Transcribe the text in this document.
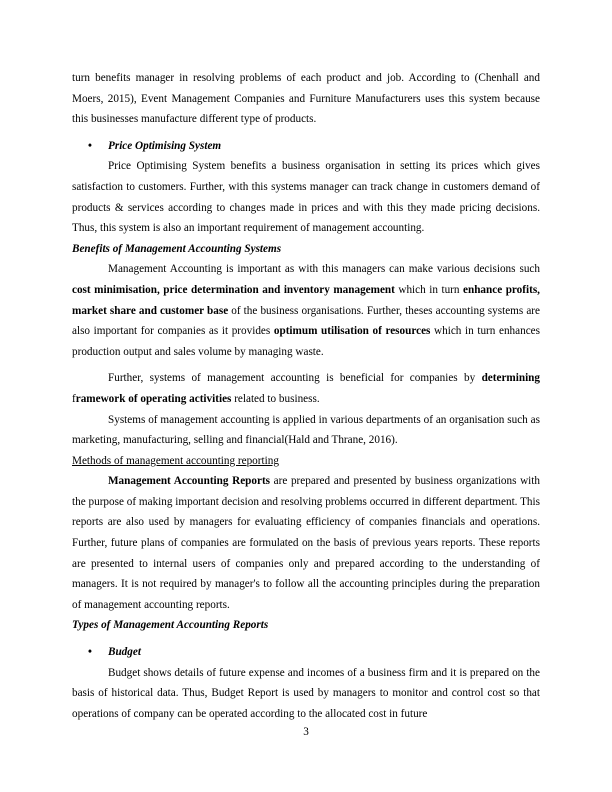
turn benefits manager in resolving problems of each product and job. According to (Chenhall and Moers, 2015), Event Management Companies and Furniture Manufacturers uses this system because this businesses manufacture different type of products.

• Price Optimising System

Price Optimising System benefits a business organisation in setting its prices which gives satisfaction to customers. Further, with this systems manager can track change in customers demand of products & services according to changes made in prices and with this they made pricing decisions. Thus, this system is also an important requirement of management accounting.

Benefits of Management Accounting Systems

Management Accounting is important as with this managers can make various decisions such cost minimisation, price determination and inventory management which in turn enhance profits, market share and customer base of the business organisations. Further, theses accounting systems are also important for companies as it provides optimum utilisation of resources which in turn enhances production output and sales volume by managing waste.

Further, systems of management accounting is beneficial for companies by determining framework of operating activities related to business.

Systems of management accounting is applied in various departments of an organisation such as marketing, manufacturing, selling and financial(Hald and Thrane, 2016).

Methods of management accounting reporting

Management Accounting Reports are prepared and presented by business organizations with the purpose of making important decision and resolving problems occurred in different department. This reports are also used by managers for evaluating efficiency of companies financials and operations. Further, future plans of companies are formulated on the basis of previous years reports. These reports are presented to internal users of companies only and prepared according to the understanding of managers. It is not required by manager's to follow all the accounting principles during the preparation of management accounting reports.

Types of Management Accounting Reports

• Budget

Budget shows details of future expense and incomes of a business firm and it is prepared on the basis of historical data. Thus, Budget Report is used by managers to monitor and control cost so that operations of company can be operated according to the allocated cost in future

3
